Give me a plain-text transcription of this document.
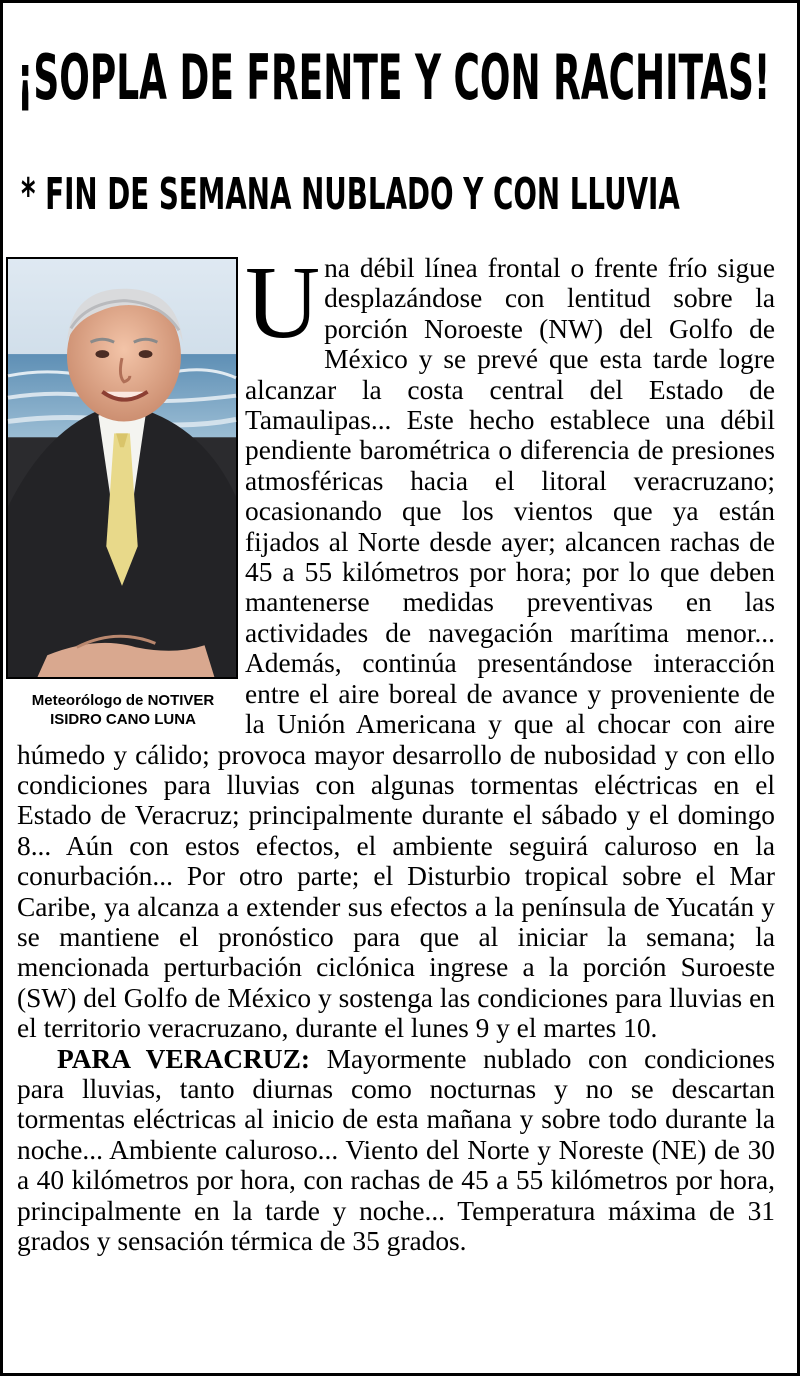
¡SOPLA DE FRENTE Y CON RACHITAS!
* FIN DE SEMANA NUBLADO Y CON LLUVIA
Meteorólogo de NOTIVER
ISIDRO CANO LUNA

Una débil línea frontal o frente frío sigue desplazándose con lentitud sobre la porción Noroeste (NW) del Golfo de México y se prevé que esta tarde logre alcanzar la costa central del Estado de Tamaulipas... Este hecho establece una débil pendiente barométrica o diferencia de presiones atmosféricas hacia el litoral veracruzano; ocasionando que los vientos que ya están fijados al Norte desde ayer; alcancen rachas de 45 a 55 kilómetros por hora; por lo que deben mantenerse medidas preventivas en las actividades de navegación marítima menor... Además, continúa presentándose interacción entre el aire boreal de avance y proveniente de la Unión Americana y que al chocar con aire húmedo y cálido; provoca mayor desarrollo de nubosidad y con ello condiciones para lluvias con algunas tormentas eléctricas en el Estado de Veracruz; principalmente durante el sábado y el domingo 8... Aún con estos efectos, el ambiente seguirá caluroso en la conurbación... Por otro parte; el Disturbio tropical sobre el Mar Caribe, ya alcanza a extender sus efectos a la península de Yucatán y se mantiene el pronóstico para que al iniciar la semana; la mencionada perturbación ciclónica ingrese a la porción Suroeste (SW) del Golfo de México y sostenga las condiciones para lluvias en el territorio veracruzano, durante el lunes 9 y el martes 10.

PARA VERACRUZ: Mayormente nublado con condiciones para lluvias, tanto diurnas como nocturnas y no se descartan tormentas eléctricas al inicio de esta mañana y sobre todo durante la noche... Ambiente caluroso... Viento del Norte y Noreste (NE) de 30 a 40 kilómetros por hora, con rachas de 45 a 55 kilómetros por hora, principalmente en la tarde y noche... Temperatura máxima de 31 grados y sensación térmica de 35 grados.
